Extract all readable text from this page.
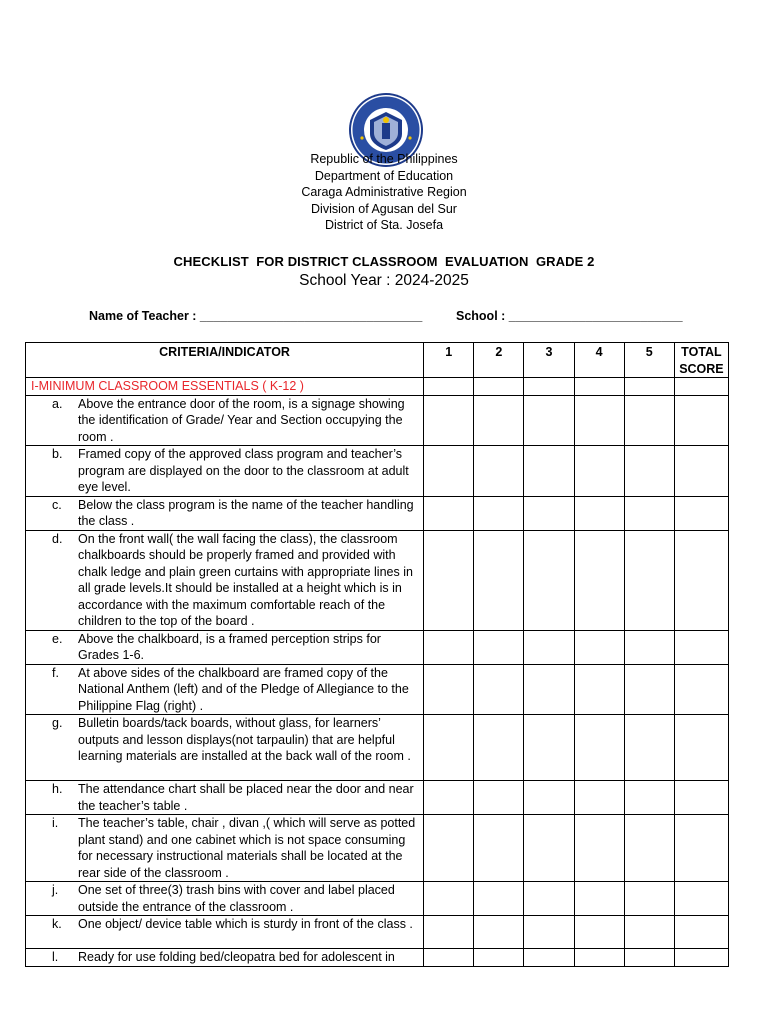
Republic of the Philippines
Department of Education
Caraga Administrative Region
Division of Agusan del Sur
District of Sta. Josefa
CHECKLIST  FOR DISTRICT CLASSROOM  EVALUATION  GRADE 2
School Year : 2024-2025
Name of Teacher : ________________________________	School : _________________________
CRITERIA/INDICATOR	1	2	3	4	5	TOTAL
SCORE

I-MINIMUM CLASSROOM ESSENTIALS ( K-12 )						

a. Above the entrance door of the room, is a signage showing the identification of Grade/ Year and Section occupying the room .						

b. Framed copy of the approved class program and teacher’s program are displayed on the door to the classroom at adult eye level.						

c. Below the class program is the name of the teacher handling the class .						

d. On the front wall( the wall facing the class), the classroom chalkboards should be properly framed and provided with chalk ledge and plain green curtains with appropriate lines in all grade levels.It should be installed at a height which is in accordance with the maximum comfortable reach of the children to the top of the board .						

e. Above the chalkboard, is a framed perception strips for Grades 1-6.						

f. At above sides of the chalkboard are framed copy of the National Anthem (left) and of the Pledge of Allegiance to the Philippine Flag (right) .						

g. Bulletin boards/tack boards, without glass, for learners’ outputs and lesson displays(not tarpaulin) that are helpful learning materials are installed at the back wall of the room .						

h. The attendance chart shall be placed near the door and near the teacher’s table .						

i. The teacher’s table, chair , divan ,( which will serve as potted plant stand) and one cabinet which is not space consuming for necessary instructional materials shall be located at the rear side of the classroom .						

j. One set of three(3) trash bins with cover and label placed outside the entrance of the classroom .						

k. One object/ device table which is sturdy in front of the class .						

l. Ready for use folding bed/cleopatra bed for adolescent in						
